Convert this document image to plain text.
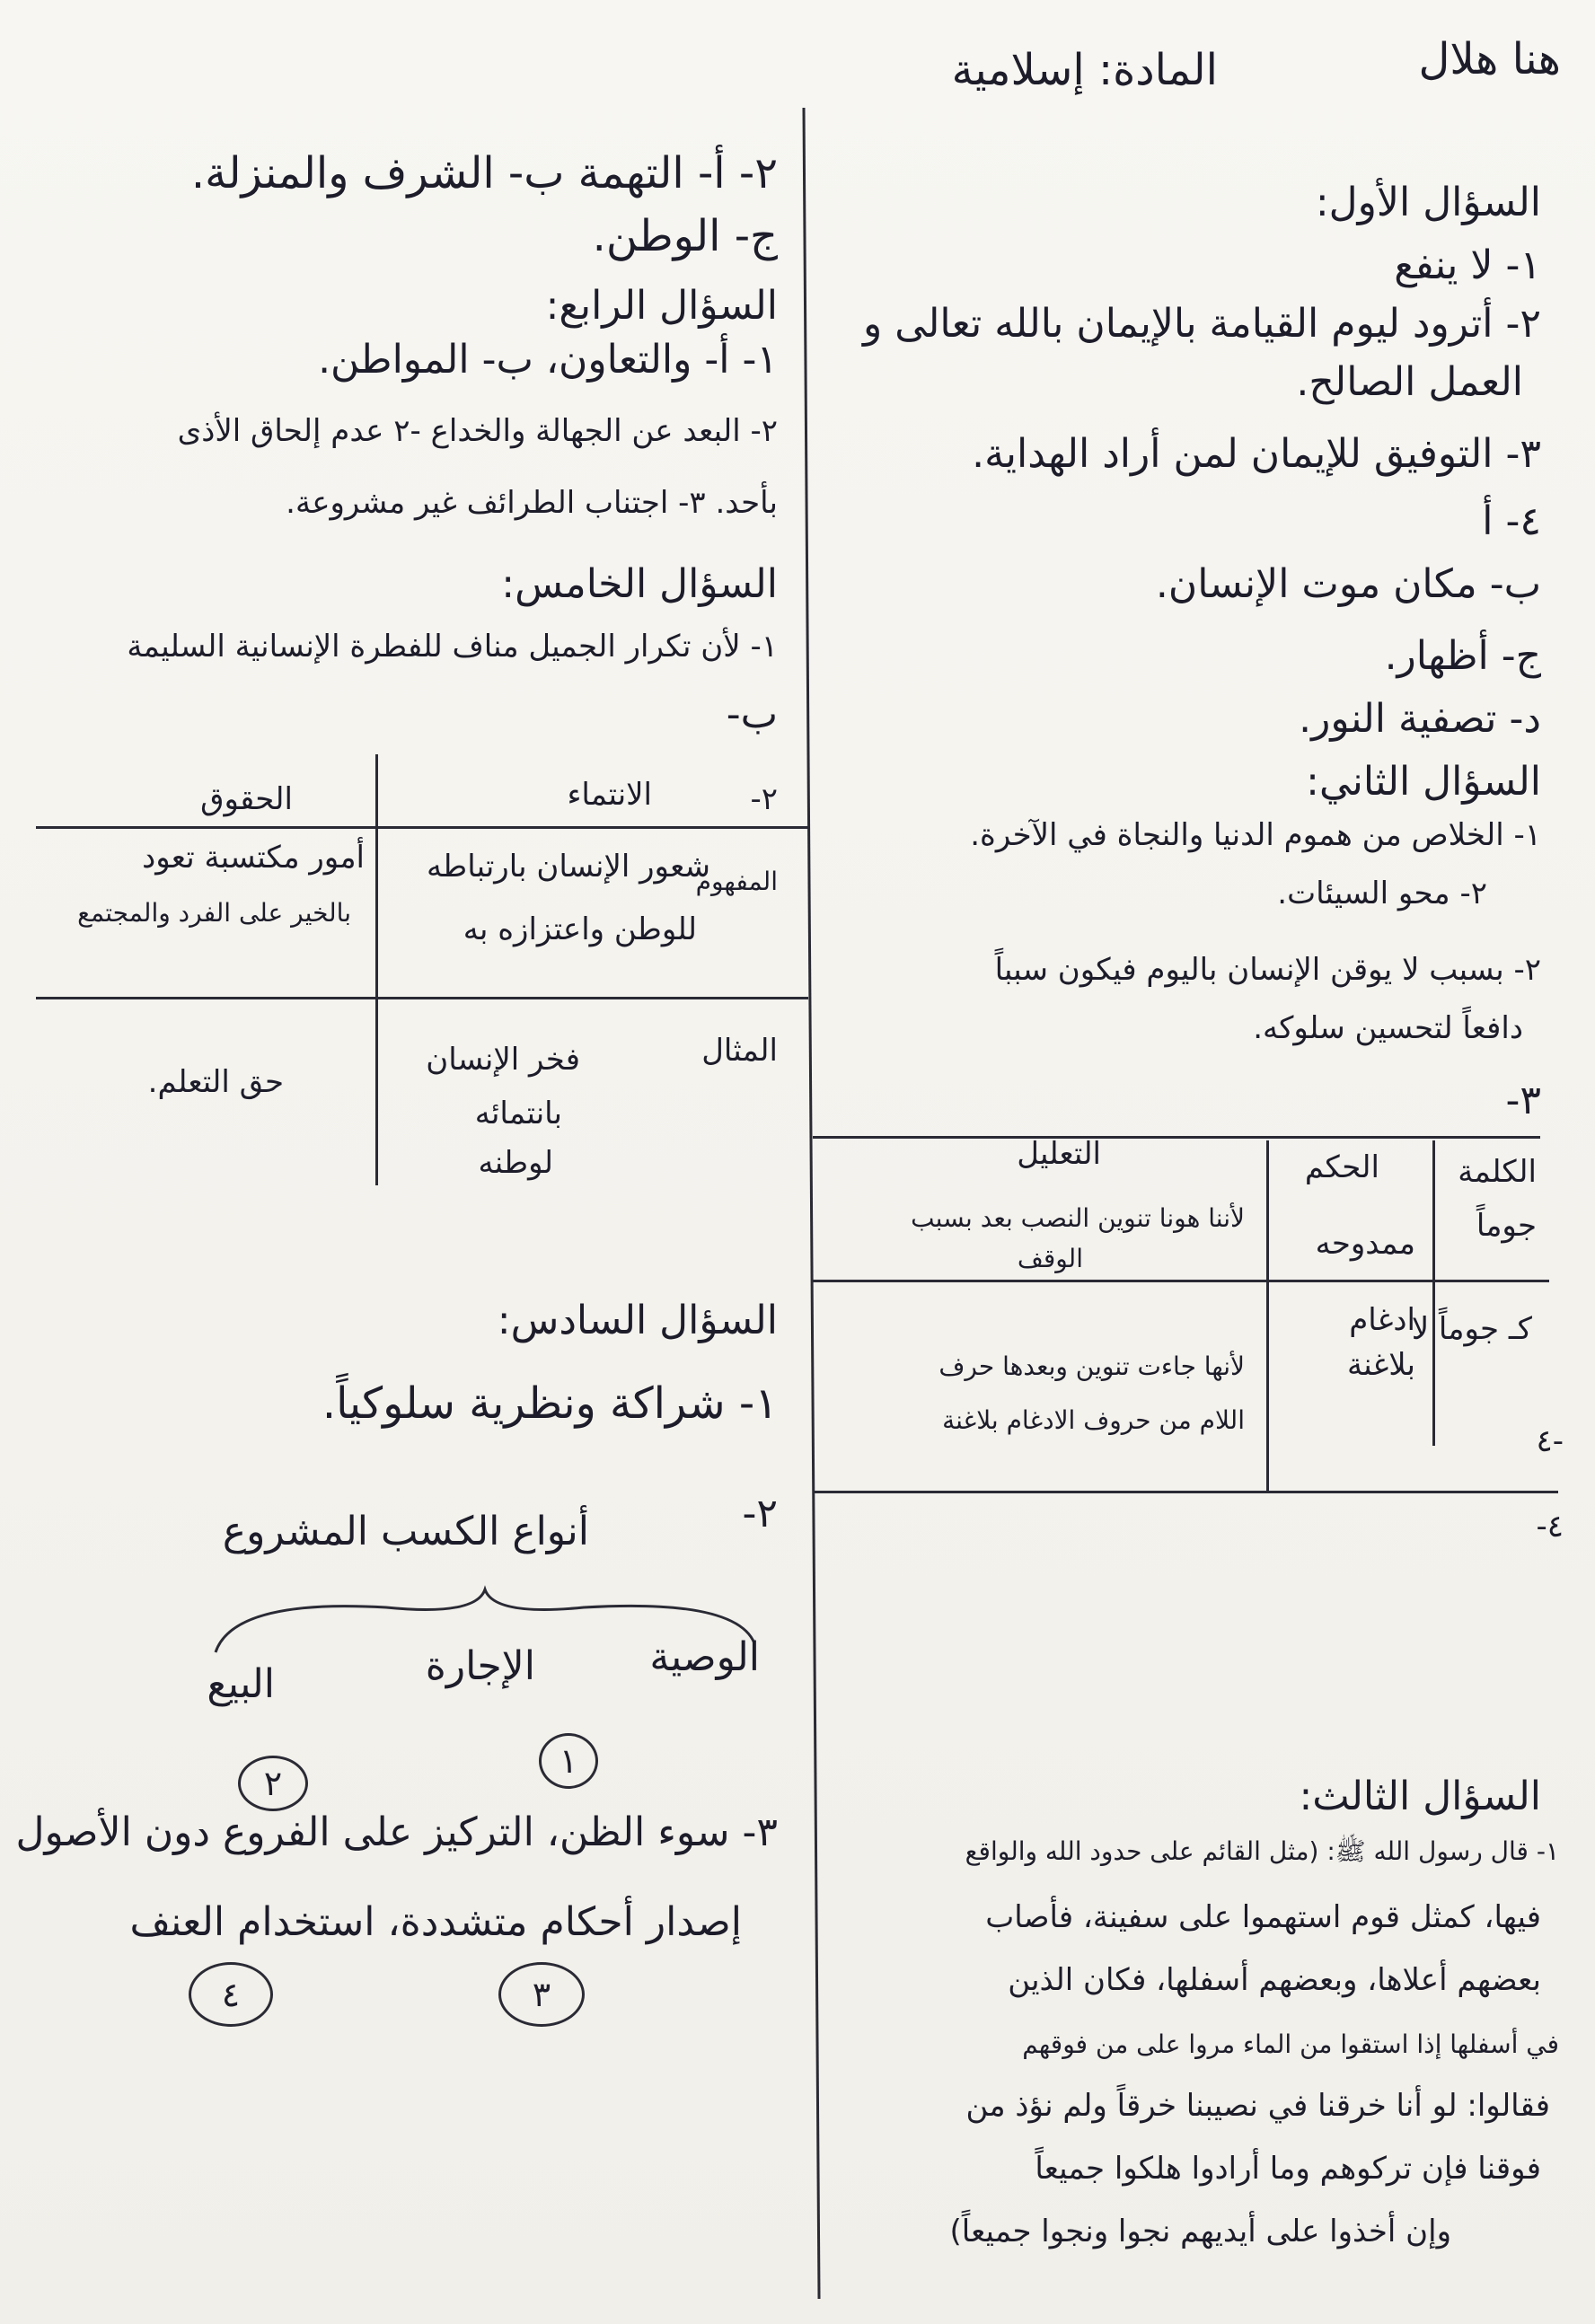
هنا هلال
المادة: إسلامية
السؤال الأول:
١- لا ينفع
٢- أترود ليوم القيامة بالإيمان بالله تعالى و
العمل الصالح.
٣- التوفيق للإيمان لمن أراد الهداية.
٤- أ
ب- مكان موت الإنسان.
ج- أظهار.
د- تصفية النور.
السؤال الثاني:
١- الخلاص من هموم الدنيا والنجاة في الآخرة.
٢- محو السيئات.
٢- بسبب لا يوقن الإنسان باليوم فيكون سبباً
دافعاً لتحسين سلوكه.
٣-
الكلمة
الحكم
التعليل
جوماً
ممدوحه
لأننا هونا تنوين النصب بعد بسبب
الوقف
كـ جوماً لا
ادغام
بلاغنة
لأنها جاءت تنوين وبعدها حرف
اللام من حروف الادغام بلاغنة
-٤
٤-
السؤال الثالث:
١- قال رسول الله ﷺ: (مثل القائم على حدود الله والواقع
فيها، كمثل قوم استهموا على سفينة، فأصاب
بعضهم أعلاها، وبعضهم أسفلها، فكان الذين
في أسفلها إذا استقوا من الماء مروا على من فوقهم
فقالوا: لو أنا خرقنا في نصيبنا خرقاً ولم نؤذ من
فوقنا فإن تركوهم وما أرادوا هلكوا جميعاً
وإن أخذوا على أيديهم نجوا ونجوا جميعاً)
٢- أ- التهمة ب- الشرف والمنزلة.
ج- الوطن.
السؤال الرابع:
١- أ- والتعاون، ب- المواطن.
٢- البعد عن الجهالة والخداع -٢ عدم إلحاق الأذى
بأحد. ٣- اجتناب الطرائف غير مشروعة.
السؤال الخامس:
١- لأن تكرار الجميل مناف للفطرة الإنسانية السليمة
ب-
٢-
الانتماء
الحقوق
المفهوم
شعور الإنسان بارتباطه
للوطن واعتزازه به
أمور مكتسبة تعود
بالخير على الفرد والمجتمع
المثال
فخر الإنسان
بانتمائه
لوطنه
حق التعلم.
السؤال السادس:
١- شراكة ونظرية سلوكياً.
٢-
أنواع الكسب المشروع
الوصية
الإجارة
البيع
١
٢
٣- سوء الظن، التركيز على الفروع دون الأصول
إصدار أحكام متشددة، استخدام العنف
٣
٤
